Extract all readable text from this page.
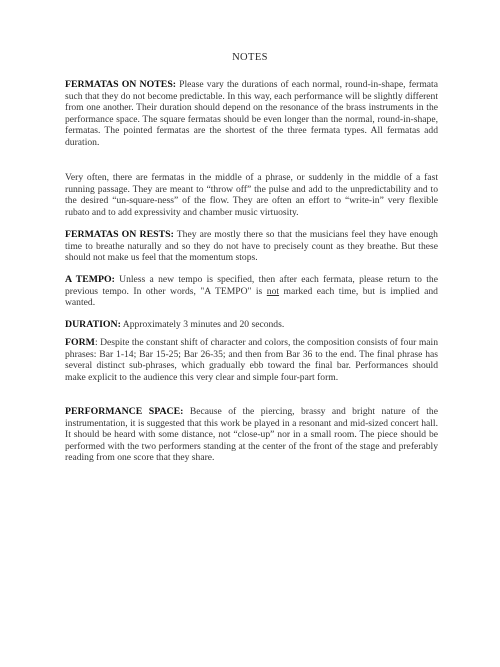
NOTES
FERMATAS ON NOTES: Please vary the durations of each normal, round-in-shape, fermata such that they do not become predictable. In this way, each performance will be slightly different from one another. Their duration should depend on the resonance of the brass instruments in the performance space. The square fermatas should be even longer than the normal, round-in-shape, fermatas. The pointed fermatas are the shortest of the three fermata types. All fermatas add duration.
Very often, there are fermatas in the middle of a phrase, or suddenly in the middle of a fast running passage. They are meant to “throw off” the pulse and add to the unpredictability and to the desired “un-square-ness” of the flow. They are often an effort to “write-in” very flexible rubato and to add expressivity and chamber music virtuosity.
FERMATAS ON RESTS: They are mostly there so that the musicians feel they have enough time to breathe naturally and so they do not have to precisely count as they breathe. But these should not make us feel that the momentum stops.
A TEMPO: Unless a new tempo is specified, then after each fermata, please return to the previous tempo. In other words, "A TEMPO" is not marked each time, but is implied and wanted.
DURATION: Approximately 3 minutes and 20 seconds.
FORM: Despite the constant shift of character and colors, the composition consists of four main phrases: Bar 1-14; Bar 15-25; Bar 26-35; and then from Bar 36 to the end. The final phrase has several distinct sub-phrases, which gradually ebb toward the final bar. Performances should make explicit to the audience this very clear and simple four-part form.
PERFORMANCE SPACE: Because of the piercing, brassy and bright nature of the instrumentation, it is suggested that this work be played in a resonant and mid-sized concert hall. It should be heard with some distance, not “close-up” nor in a small room. The piece should be performed with the two performers standing at the center of the front of the stage and preferably reading from one score that they share.
